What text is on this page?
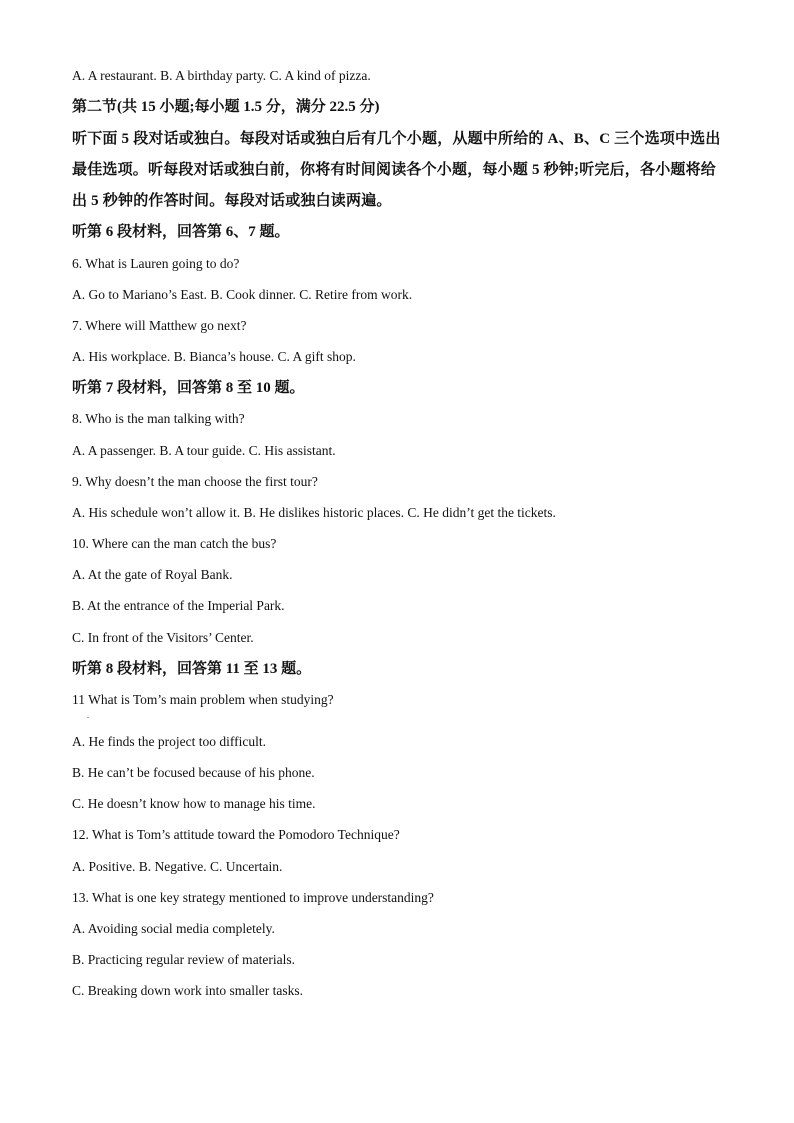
A. A restaurant. B. A birthday party. C. A kind of pizza.
第二节(共 15 小题;每小题 1.5 分，满分 22.5 分)
听下面 5 段对话或独白。每段对话或独白后有几个小题，从题中所给的 A、B、C 三个选项中选出最佳选项。听每段对话或独白前，你将有时间阅读各个小题，每小题 5 秒钟;听完后，各小题将给出 5 秒钟的作答时间。每段对话或独白读两遍。
听第 6 段材料，回答第 6、7 题。
6. What is Lauren going to do?
A. Go to Mariano’s East. B. Cook dinner. C. Retire from work.
7. Where will Matthew go next?
A. His workplace. B. Bianca’s house. C. A gift shop.
听第 7 段材料，回答第 8 至 10 题。
8. Who is the man talking with?
A. A passenger. B. A tour guide. C. His assistant.
9. Why doesn’t the man choose the first tour?
A. His schedule won’t allow it. B. He dislikes historic places. C. He didn’t get the tickets.
10. Where can the man catch the bus?
A. At the gate of Royal Bank.
B. At the entrance of the Imperial Park.
C. In front of the Visitors’ Center.
听第 8 段材料，回答第 11 至 13 题。
11 What is Tom’s main problem when studying?
.
A. He finds the project too difficult.
B. He can’t be focused because of his phone.
C. He doesn’t know how to manage his time.
12. What is Tom’s attitude toward the Pomodoro Technique?
A. Positive. B. Negative. C. Uncertain.
13. What is one key strategy mentioned to improve understanding?
A. Avoiding social media completely.
B. Practicing regular review of materials.
C. Breaking down work into smaller tasks.
